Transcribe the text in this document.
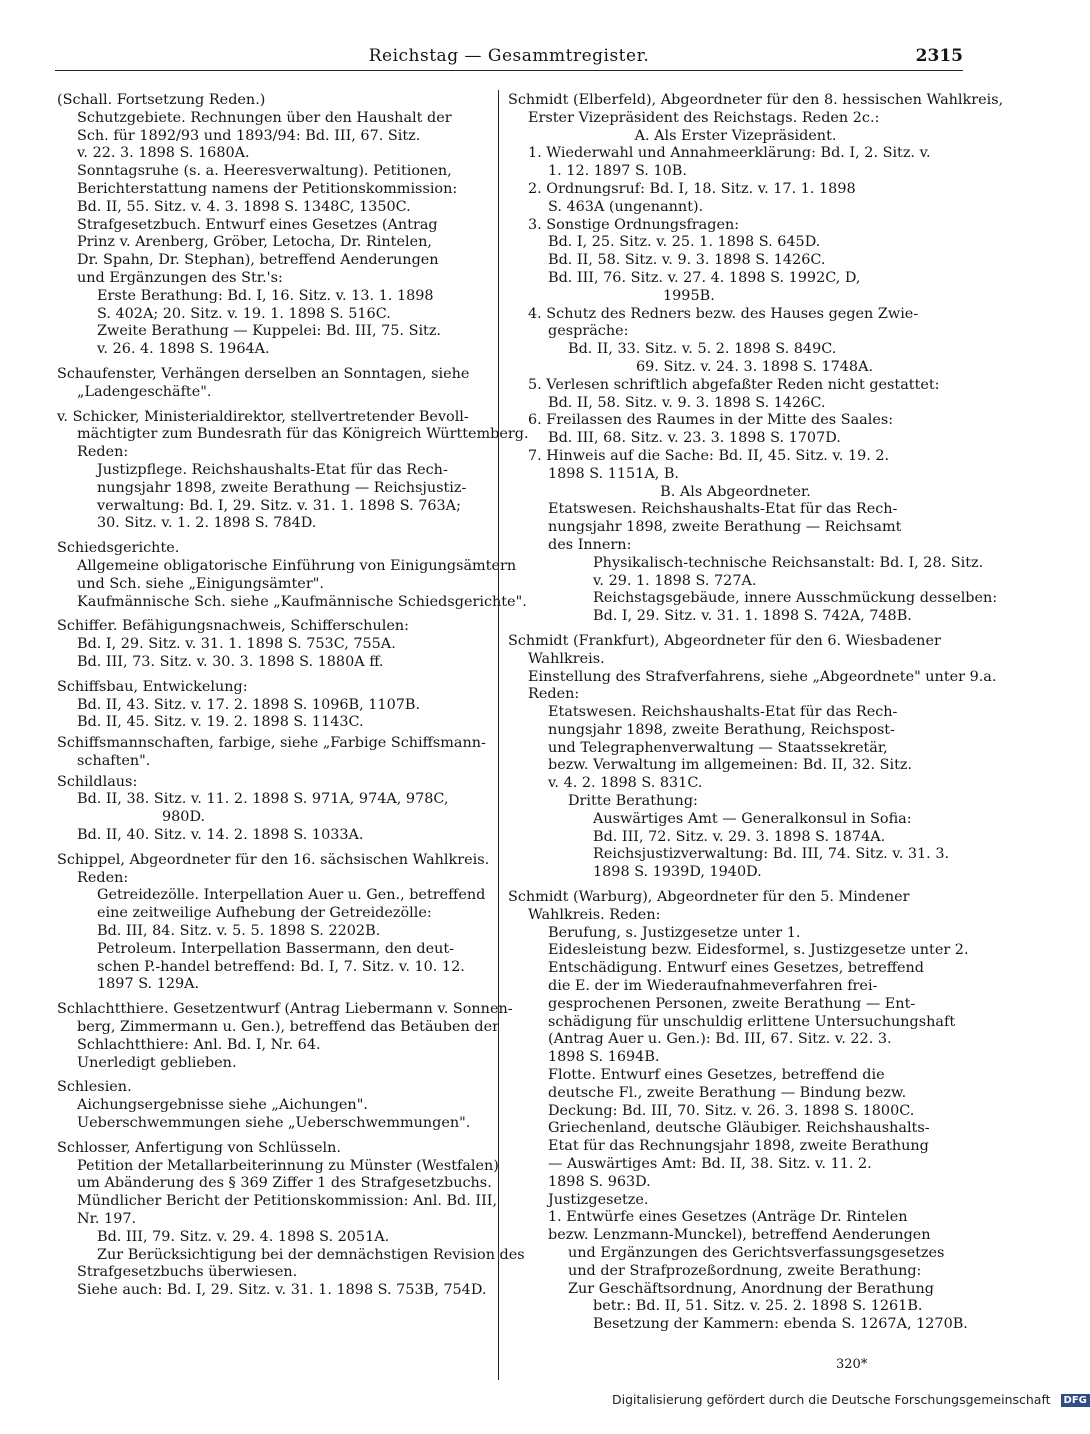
Reichstag — Gesammtregister.	2315

(Schall. Fortsetzung Reden.)

Schutzgebiete. Rechnungen über den Haushalt der

Sch. für 1892/93 und 1893/94: Bd. III, 67. Sitz.

v. 22. 3. 1898 S. 1680A.

Sonntagsruhe (s. a. Heeresverwaltung). Petitionen,

Berichterstattung namens der Petitionskommission:

Bd. II, 55. Sitz. v. 4. 3. 1898 S. 1348C, 1350C.

Strafgesetzbuch. Entwurf eines Gesetzes (Antrag

Prinz v. Arenberg, Gröber, Letocha, Dr. Rintelen,

Dr. Spahn, Dr. Stephan), betreffend Aenderungen

und Ergänzungen des Str.'s:

Erste Berathung: Bd. I, 16. Sitz. v. 13. 1. 1898

S. 402A; 20. Sitz. v. 19. 1. 1898 S. 516C.

Zweite Berathung — Kuppelei: Bd. III, 75. Sitz.

v. 26. 4. 1898 S. 1964A.

Schaufenster, Verhängen derselben an Sonntagen, siehe

„Ladengeschäfte".

v. Schicker, Ministerialdirektor, stellvertretender Bevoll-

mächtigter zum Bundesrath für das Königreich Württemberg.

Reden:

Justizpflege. Reichshaushalts-Etat für das Rech-

nungsjahr 1898, zweite Berathung — Reichsjustiz-

verwaltung: Bd. I, 29. Sitz. v. 31. 1. 1898 S. 763A;

30. Sitz. v. 1. 2. 1898 S. 784D.

Schiedsgerichte.

Allgemeine obligatorische Einführung von Einigungsämtern

und Sch. siehe „Einigungsämter".

Kaufmännische Sch. siehe „Kaufmännische Schiedsgerichte".

Schiffer. Befähigungsnachweis, Schifferschulen:

Bd. I, 29. Sitz. v. 31. 1. 1898 S. 753C, 755A.

Bd. III, 73. Sitz. v. 30. 3. 1898 S. 1880A ff.

Schiffsbau, Entwickelung:

Bd. II, 43. Sitz. v. 17. 2. 1898 S. 1096B, 1107B.

Bd. II, 45. Sitz. v. 19. 2. 1898 S. 1143C.

Schiffsmannschaften, farbige, siehe „Farbige Schiffsmann-

schaften".

Schildlaus:

Bd. II, 38. Sitz. v. 11. 2. 1898 S. 971A, 974A, 978C,

980D.

Bd. II, 40. Sitz. v. 14. 2. 1898 S. 1033A.

Schippel, Abgeordneter für den 16. sächsischen Wahlkreis.

Reden:

Getreidezölle. Interpellation Auer u. Gen., betreffend

eine zeitweilige Aufhebung der Getreidezölle:

Bd. III, 84. Sitz. v. 5. 5. 1898 S. 2202B.

Petroleum. Interpellation Bassermann, den deut-

schen P.-handel betreffend: Bd. I, 7. Sitz. v. 10. 12.

1897 S. 129A.

Schlachtthiere. Gesetzentwurf (Antrag Liebermann v. Sonnen-

berg, Zimmermann u. Gen.), betreffend das Betäuben der

Schlachtthiere: Anl. Bd. I, Nr. 64.

Unerledigt geblieben.

Schlesien.

Aichungsergebnisse siehe „Aichungen".

Ueberschwemmungen siehe „Ueberschwemmungen".

Schlosser, Anfertigung von Schlüsseln.

Petition der Metallarbeiterinnung zu Münster (Westfalen)

um Abänderung des § 369 Ziffer 1 des Strafgesetzbuchs.

Mündlicher Bericht der Petitionskommission: Anl. Bd. III,

Nr. 197.

Bd. III, 79. Sitz. v. 29. 4. 1898 S. 2051A.

Zur Berücksichtigung bei der demnächstigen Revision des

Strafgesetzbuchs überwiesen.

Siehe auch: Bd. I, 29. Sitz. v. 31. 1. 1898 S. 753B, 754D.

Schmidt (Elberfeld), Abgeordneter für den 8. hessischen Wahlkreis,

Erster Vizepräsident des Reichstags. Reden 2c.:

A. Als Erster Vizepräsident.

1. Wiederwahl und Annahmeerklärung: Bd. I, 2. Sitz. v.

1. 12. 1897 S. 10B.

2. Ordnungsruf: Bd. I, 18. Sitz. v. 17. 1. 1898

S. 463A (ungenannt).

3. Sonstige Ordnungsfragen:

Bd. I, 25. Sitz. v. 25. 1. 1898 S. 645D.

Bd. II, 58. Sitz. v. 9. 3. 1898 S. 1426C.

Bd. III, 76. Sitz. v. 27. 4. 1898 S. 1992C, D,

1995B.

4. Schutz des Redners bezw. des Hauses gegen Zwie-

gespräche:

Bd. II, 33. Sitz. v. 5. 2. 1898 S. 849C.

69. Sitz. v. 24. 3. 1898 S. 1748A.

5. Verlesen schriftlich abgefaßter Reden nicht gestattet:

Bd. II, 58. Sitz. v. 9. 3. 1898 S. 1426C.

6. Freilassen des Raumes in der Mitte des Saales:

Bd. III, 68. Sitz. v. 23. 3. 1898 S. 1707D.

7. Hinweis auf die Sache: Bd. II, 45. Sitz. v. 19. 2.

1898 S. 1151A, B.

B. Als Abgeordneter.

Etatswesen. Reichshaushalts-Etat für das Rech-

nungsjahr 1898, zweite Berathung — Reichsamt

des Innern:

Physikalisch-technische Reichsanstalt: Bd. I, 28. Sitz.

v. 29. 1. 1898 S. 727A.

Reichstagsgebäude, innere Ausschmückung desselben:

Bd. I, 29. Sitz. v. 31. 1. 1898 S. 742A, 748B.

Schmidt (Frankfurt), Abgeordneter für den 6. Wiesbadener

Wahlkreis.

Einstellung des Strafverfahrens, siehe „Abgeordnete" unter 9.a.

Reden:

Etatswesen. Reichshaushalts-Etat für das Rech-

nungsjahr 1898, zweite Berathung, Reichspost-

und Telegraphenverwaltung — Staatssekretär,

bezw. Verwaltung im allgemeinen: Bd. II, 32. Sitz.

v. 4. 2. 1898 S. 831C.

Dritte Berathung:

Auswärtiges Amt — Generalkonsul in Sofia:

Bd. III, 72. Sitz. v. 29. 3. 1898 S. 1874A.

Reichsjustizverwaltung: Bd. III, 74. Sitz. v. 31. 3.

1898 S. 1939D, 1940D.

Schmidt (Warburg), Abgeordneter für den 5. Mindener

Wahlkreis. Reden:

Berufung, s. Justizgesetze unter 1.

Eidesleistung bezw. Eidesformel, s. Justizgesetze unter 2.

Entschädigung. Entwurf eines Gesetzes, betreffend

die E. der im Wiederaufnahmeverfahren frei-

gesprochenen Personen, zweite Berathung — Ent-

schädigung für unschuldig erlittene Untersuchungshaft

(Antrag Auer u. Gen.): Bd. III, 67. Sitz. v. 22. 3.

1898 S. 1694B.

Flotte. Entwurf eines Gesetzes, betreffend die

deutsche Fl., zweite Berathung — Bindung bezw.

Deckung: Bd. III, 70. Sitz. v. 26. 3. 1898 S. 1800C.

Griechenland, deutsche Gläubiger. Reichshaushalts-

Etat für das Rechnungsjahr 1898, zweite Berathung

— Auswärtiges Amt: Bd. II, 38. Sitz. v. 11. 2.

1898 S. 963D.

Justizgesetze.

1. Entwürfe eines Gesetzes (Anträge Dr. Rintelen

bezw. Lenzmann-Munckel), betreffend Aenderungen

und Ergänzungen des Gerichtsverfassungsgesetzes

und der Strafprozeßordnung, zweite Berathung:

Zur Geschäftsordnung, Anordnung der Berathung

betr.: Bd. II, 51. Sitz. v. 25. 2. 1898 S. 1261B.

Besetzung der Kammern: ebenda S. 1267A, 1270B.

320*
Digitalisierung gefördert durch die Deutsche Forschungsgemeinschaft DFG
